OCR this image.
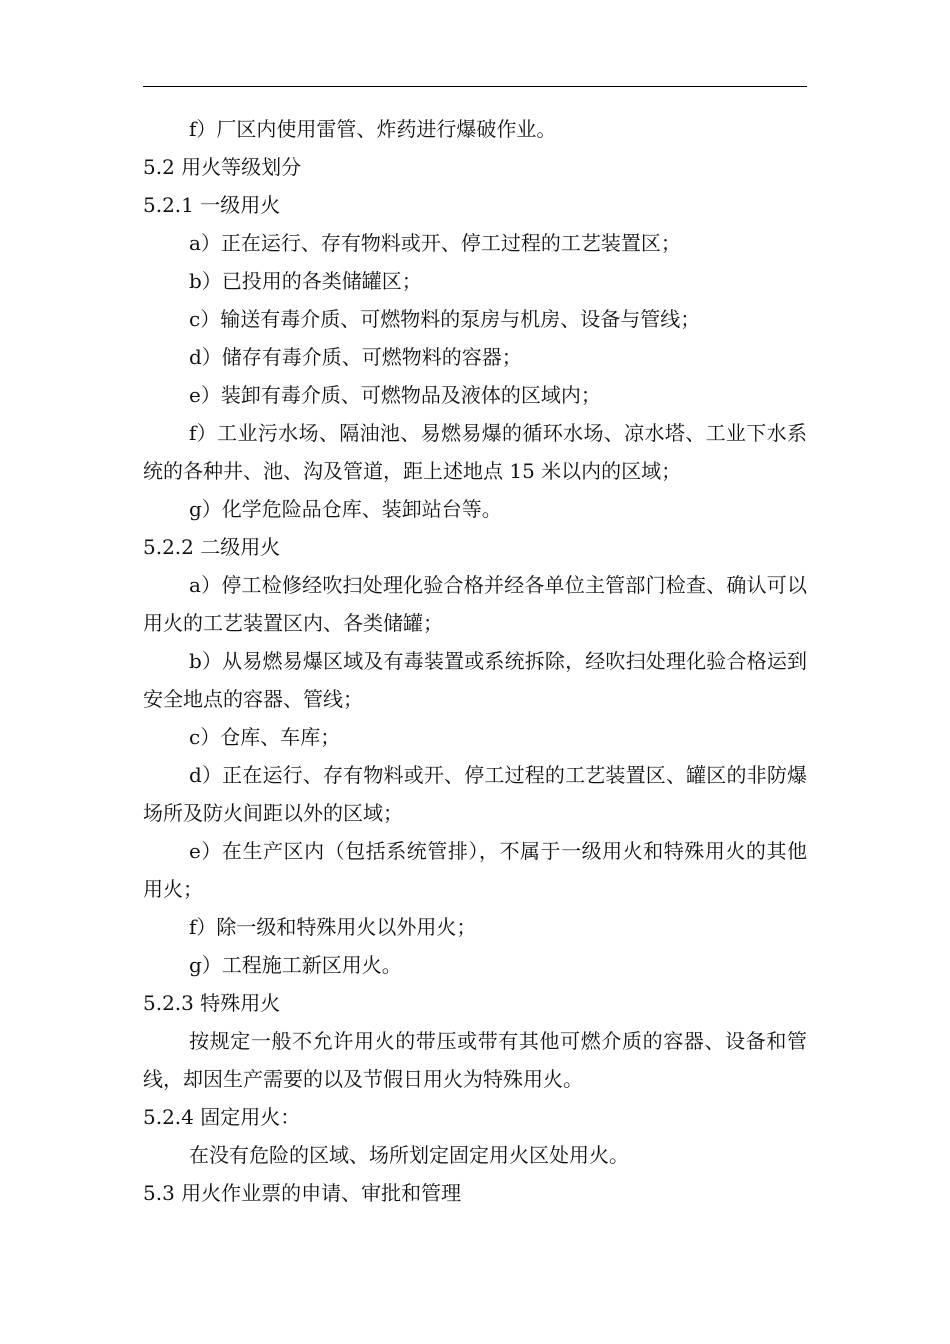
f）厂区内使用雷管、炸药进行爆破作业。

5.2 用火等级划分

5.2.1 一级用火

a）正在运行、存有物料或开、停工过程的工艺装置区；

b）已投用的各类储罐区；

c）输送有毒介质、可燃物料的泵房与机房、设备与管线；

d）储存有毒介质、可燃物料的容器；

e）装卸有毒介质、可燃物品及液体的区域内；

f）工业污水场、隔油池、易燃易爆的循环水场、凉水塔、工业下水系统的各种井、池、沟及管道，距上述地点 15 米以内的区域；

g）化学危险品仓库、装卸站台等。

5.2.2 二级用火

a）停工检修经吹扫处理化验合格并经各单位主管部门检查、确认可以用火的工艺装置区内、各类储罐；

b）从易燃易爆区域及有毒装置或系统拆除，经吹扫处理化验合格运到安全地点的容器、管线；

c）仓库、车库；

d）正在运行、存有物料或开、停工过程的工艺装置区、罐区的非防爆场所及防火间距以外的区域；

e）在生产区内（包括系统管排），不属于一级用火和特殊用火的其他用火；

f）除一级和特殊用火以外用火；

g）工程施工新区用火。

5.2.3 特殊用火

按规定一般不允许用火的带压或带有其他可燃介质的容器、设备和管线，却因生产需要的以及节假日用火为特殊用火。

5.2.4 固定用火：

在没有危险的区域、场所划定固定用火区处用火。

5.3 用火作业票的申请、审批和管理
